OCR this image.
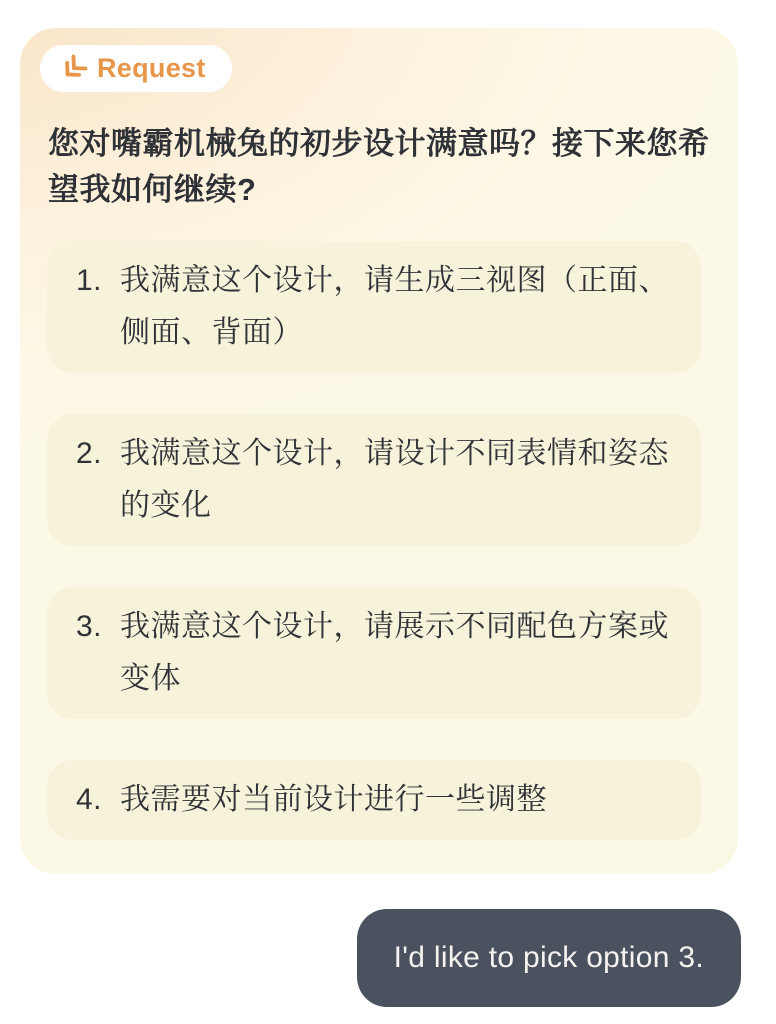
Request
您对嘴霸机械兔的初步设计满意吗？接下来您希望我如何继续?
1. 我满意这个设计，请生成三视图（正面、侧面、背面）
2. 我满意这个设计，请设计不同表情和姿态的变化
3. 我满意这个设计，请展示不同配色方案或变体
4. 我需要对当前设计进行一些调整
I'd like to pick option 3.
